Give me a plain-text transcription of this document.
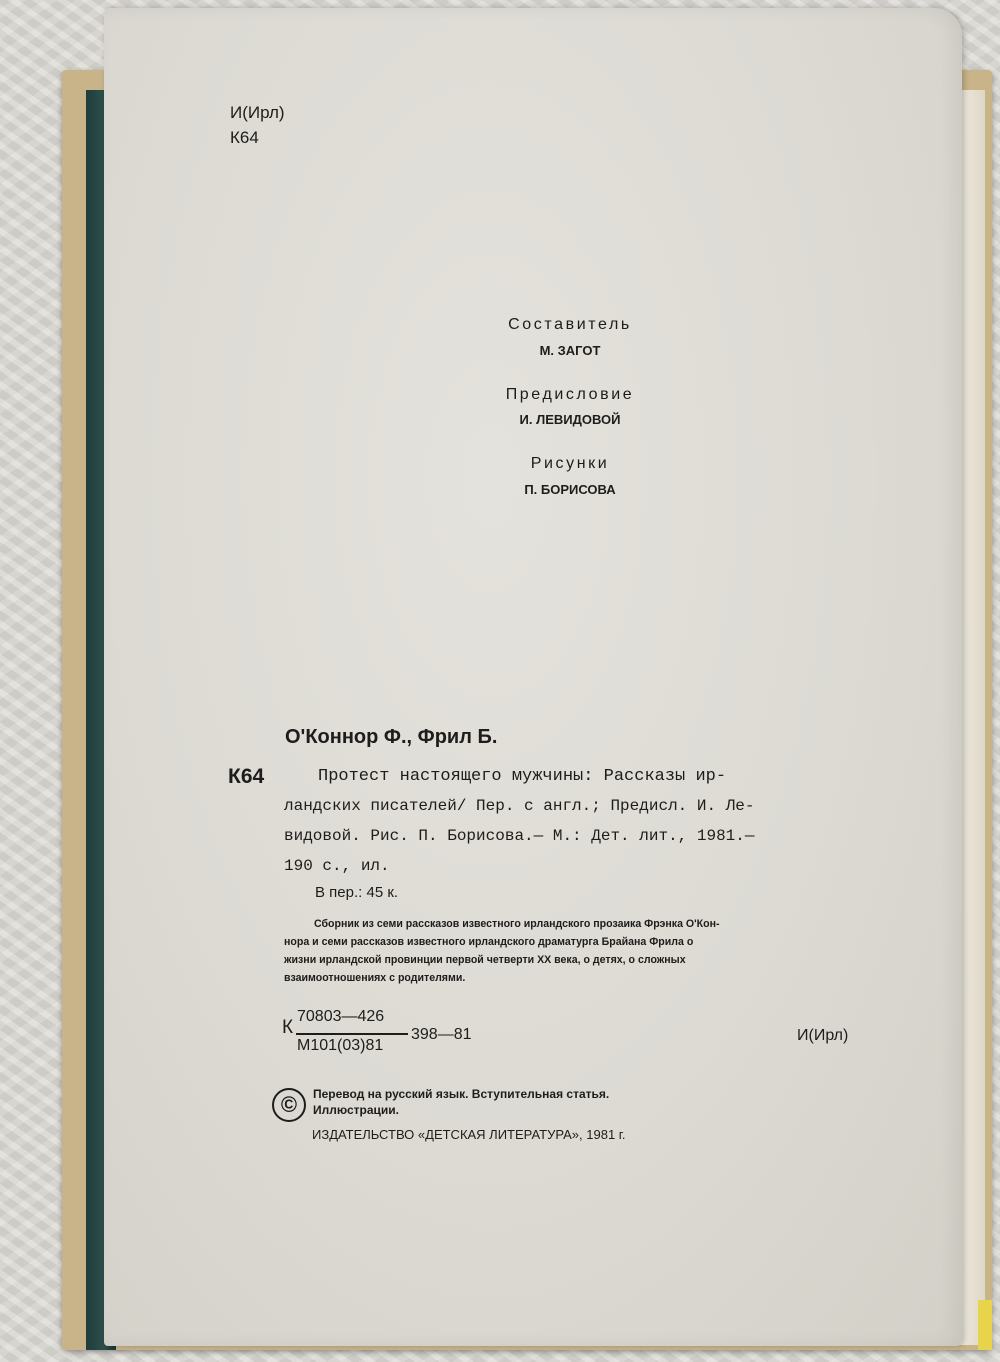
И(Ирл)
К64
Составитель
М. ЗАГОТ
Предисловие
И. ЛЕВИДОВОЙ
Рисунки
П. БОРИСОВА
О'Коннор Ф., Фрил Б.
К64	Протест настоящего мужчины: Рассказы ир-
ландских писателей/ Пер. с англ.; Предисл. И. Ле-
видовой. Рис. П. Борисова.— М.: Дет. лит., 1981.—
190 с., ил.
В пер.: 45 к.
Сборник из семи рассказов известного ирландского прозаика Фрэнка О'Кон-
нора и семи рассказов известного ирландского драматурга Брайана Фрила о
жизни ирландской провинции первой четверти XX века, о детях, о сложных
взаимоотношениях с родителями.
К
70803—426
М101(03)81
398—81	И(Ирл)
©	Перевод на русский язык. Вступительная статья.
Иллюстрации.
ИЗДАТЕЛЬСТВО «ДЕТСКАЯ ЛИТЕРАТУРА», 1981 г.
